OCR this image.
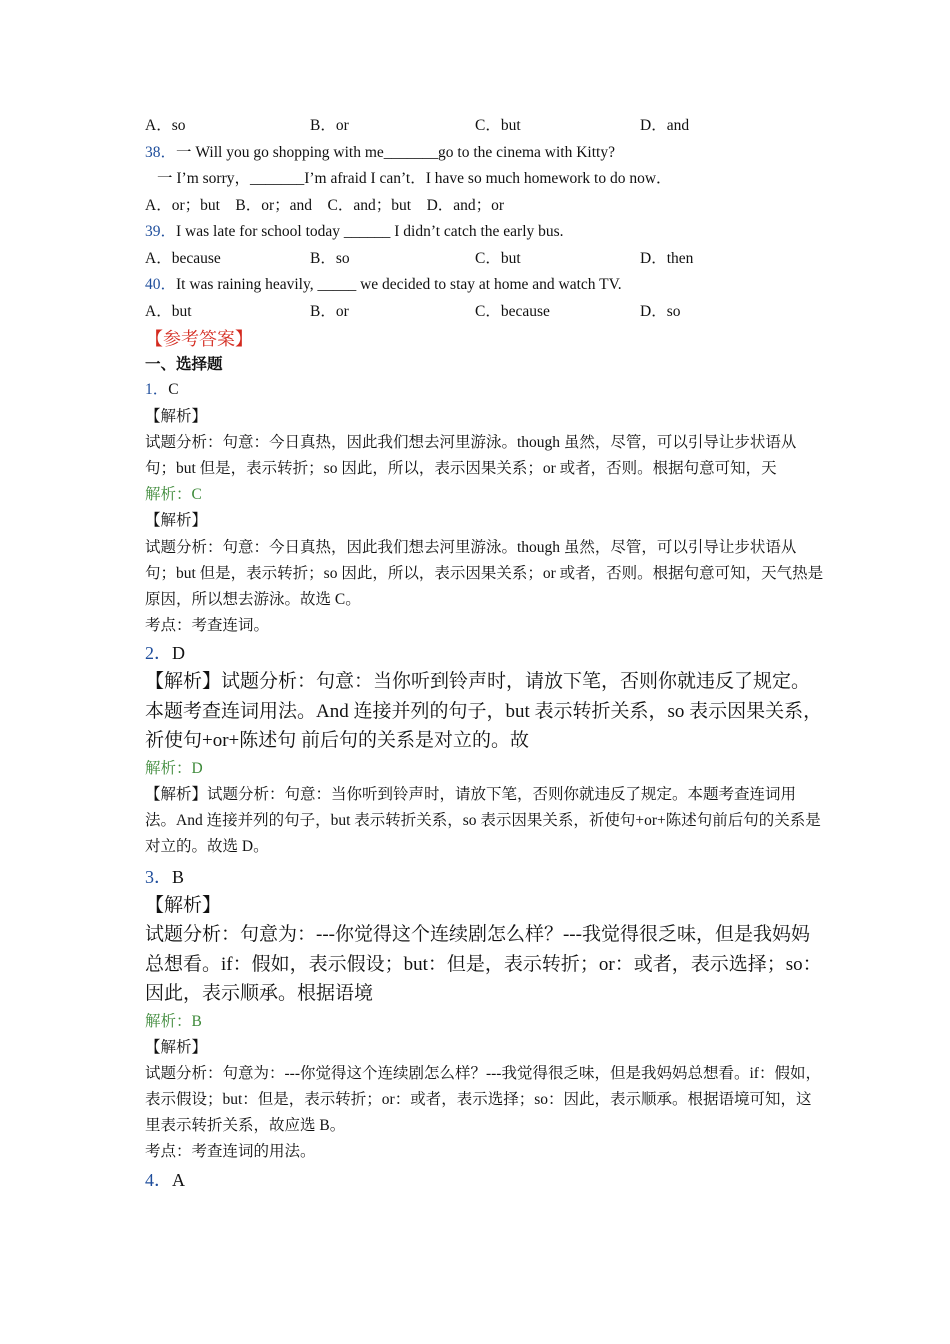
A．so	B．or	C．but	D．and
38．一 Will you go shopping with me_______go to the cinema with Kitty?
一 I’m sorry，_______I’m afraid I can’t．I have so much homework to do now．
A．or；but　B．or；and　C．and；but　D．and；or
39．I was late for school today ______ I didn’t catch the early bus.
A．because	B．so	C．but	D．then
40．It was raining heavily, _____ we decided to stay at home and watch TV.
A．but	B．or	C．because	D．so
【参考答案】
一、选择题
1．C
【解析】

试题分析：句意：今日真热，因此我们想去河里游泳。though 虽然，尽管，可以引导让步状语从句；but 但是，表示转折；so 因此，所以，表示因果关系；or 或者，否则。根据句意可知，天

解析：C
【解析】

试题分析：句意：今日真热，因此我们想去河里游泳。though 虽然，尽管，可以引导让步状语从句；but 但是，表示转折；so 因此，所以，表示因果关系；or 或者，否则。根据句意可知，天气热是原因，所以想去游泳。故选 C。

考点：考查连词。
2．D

【解析】试题分析：句意：当你听到铃声时，请放下笔，否则你就违反了规定。本题考查连词用法。And 连接并列的句子，but 表示转折关系，so 表示因果关系，祈使句+or+陈述句 前后句的关系是对立的。故

解析：D

【解析】试题分析：句意：当你听到铃声时，请放下笔，否则你就违反了规定。本题考查连词用法。And 连接并列的句子，but 表示转折关系，so 表示因果关系，祈使句+or+陈述句前后句的关系是对立的。故选 D。

3．B
【解析】

试题分析：句意为：---你觉得这个连续剧怎么样？---我觉得很乏味，但是我妈妈总想看。if：假如，表示假设；but：但是，表示转折；or：或者，表示选择；so：因此，表示顺承。根据语境

解析：B
【解析】

试题分析：句意为：---你觉得这个连续剧怎么样？---我觉得很乏味，但是我妈妈总想看。if：假如，表示假设；but：但是，表示转折；or：或者，表示选择；so：因此，表示顺承。根据语境可知，这里表示转折关系，故应选 B。

考点：考查连词的用法。
4．A
